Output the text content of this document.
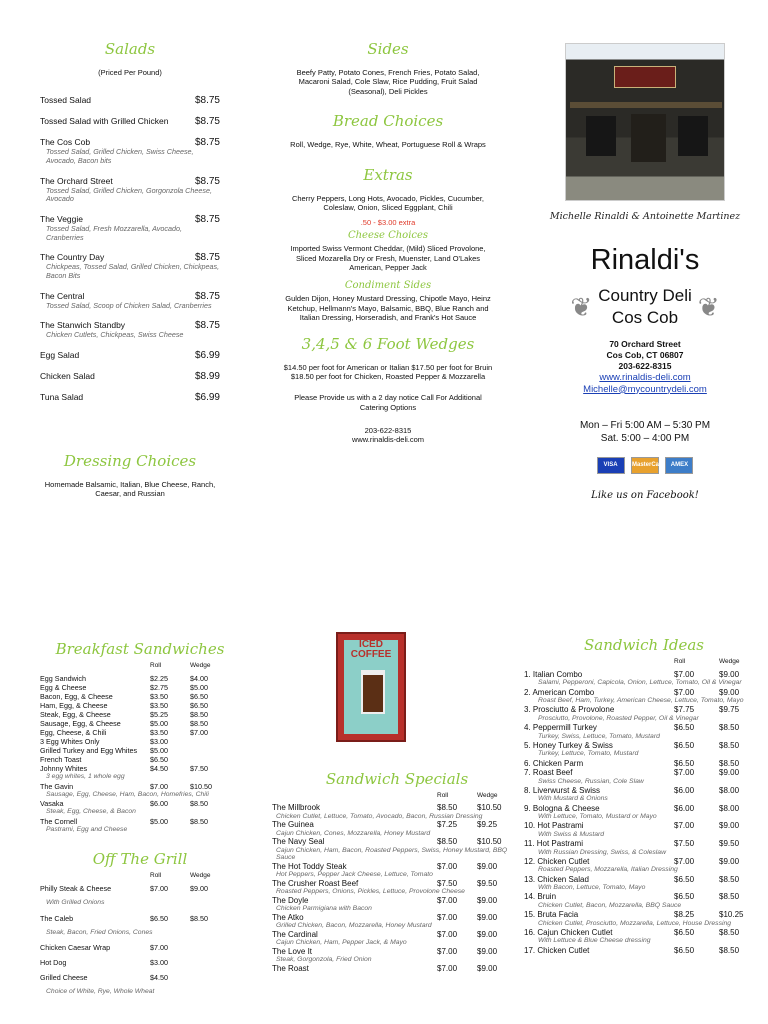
Salads
(Priced Per Pound)
Tossed Salad	$8.75
Tossed Salad with Grilled Chicken	$8.75
The Cos Cob	$8.75
Tossed Salad, Grilled Chicken, Swiss Cheese, Avocado, Bacon bits
The Orchard Street	$8.75
Tossed Salad, Grilled Chicken, Gorgonzola Cheese, Avocado
The Veggie	$8.75
Tossed Salad, Fresh Mozzarella, Avocado, Cranberries
The Country Day	$8.75
Chickpeas, Tossed Salad, Grilled Chicken, Chickpeas, Bacon Bits
The Central	$8.75
Tossed Salad, Scoop of Chicken Salad, Cranberries
The Stanwich Standby	$8.75
Chicken Cutlets, Chickpeas, Swiss Cheese
Egg Salad	$6.99
Chicken Salad	$8.99
Tuna Salad	$6.99
Dressing Choices
Homemade Balsamic, Italian, Blue Cheese, Ranch, Caesar, and Russian
Sides
Beefy Patty, Potato Cones, French Fries, Potato Salad, Macaroni Salad, Cole Slaw, Rice Pudding, Fruit Salad (Seasonal), Deli Pickles
Bread Choices
Roll, Wedge, Rye, White, Wheat, Portuguese Roll & Wraps
Extras
Cherry Peppers, Long Hots, Avocado, Pickles, Cucumber, Coleslaw, Onion, Sliced Eggplant, Chili
.50 - $3.00 extra
Cheese Choices
Imported Swiss Vermont Cheddar, (Mild) Sliced Provolone, Sliced Mozarella Dry or Fresh, Muenster, Land O'Lakes American, Pepper Jack
Condiment Sides
Gulden Dijon, Honey Mustard Dressing, Chipotle Mayo, Heinz Ketchup, Hellmann's Mayo, Balsamic, BBQ, Blue Ranch and Italian Dressing, Horseradish, and Frank's Hot Sauce
3,4,5 & 6 Foot Wedges
$14.50 per foot for American or Italian $17.50 per foot for Bruin $18.50 per foot for Chicken, Roasted Pepper & Mozzarella
Please Provide us with a 2 day notice Call For Additional Catering Options
203-622-8315
www.rinaldis-deli.com
Michelle Rinaldi & Antoinette Martinez
Rinaldi's
❦ Country Deli
Cos Cob ❦
70 Orchard Street
Cos Cob, CT 06807
203-622-8315
www.rinaldis-deli.com
Michelle@mycountrydeli.com
Mon – Fri 5:00 AM – 5:30 PM
Sat. 5:00 – 4:00 PM
VISA MasterCard AMEX
Like us on Facebook!
Breakfast Sandwiches
Roll	Wedge
Egg Sandwich	$2.25	$4.00
Egg & Cheese	$2.75	$5.00
Bacon, Egg, & Cheese	$3.50	$6.50
Ham, Egg, & Cheese	$3.50	$6.50
Steak, Egg, & Cheese	$5.25	$8.50
Sausage, Egg, & Cheese	$5.00	$8.50
Egg, Cheese, & Chili	$3.50	$7.00
3 Egg Whites Only	$3.00
Grilled Turkey and Egg Whites	$5.00
French Toast	$6.50
Johnny Whites	$4.50	$7.50
3 egg whites, 1 whole egg
The Gavin	$7.00	$10.50
Sausage, Egg, Cheese, Ham, Bacon, Homefries, Chili
Vasaka	$6.00	$8.50
Steak, Egg, Cheese, & Bacon
The Cornell	$5.00	$8.50
Pastrami, Egg and Cheese
Off The Grill
Roll	Wedge
Philly Steak & Cheese	$7.00	$9.00
With Grilled Onions
The Caleb	$6.50	$8.50
Steak, Bacon, Fried Onions, Cones
Chicken Caesar Wrap	$7.00
Hot Dog	$3.00
Grilled Cheese	$4.50
Choice of White, Rye, Whole Wheat
ICED COFFEE
Sandwich Specials
Roll	Wedge
The Millbrook	$8.50	$10.50
Chicken Cutlet, Lettuce, Tomato, Avocado, Bacon, Russian Dressing
The Guinea	$7.25	$9.25
Cajun Chicken, Cones, Mozzarella, Honey Mustard
The Navy Seal	$8.50	$10.50
Cajun Chicken, Ham, Bacon, Roasted Peppers, Swiss, Honey Mustard, BBQ Sauce
The Hot Toddy Steak	$7.00	$9.00
Hot Peppers, Pepper Jack Cheese, Lettuce, Tomato
The Crusher Roast Beef	$7.50	$9.50
Roasted Peppers, Onions, Pickles, Lettuce, Provolone Cheese
The Doyle	$7.00	$9.00
Chicken Parmigiana with Bacon
The Atko	$7.00	$9.00
Grilled Chicken, Bacon, Mozzarella, Honey Mustard
The Cardinal	$7.00	$9.00
Cajun Chicken, Ham, Pepper Jack, & Mayo
The Love It	$7.00	$9.00
Steak, Gorgonzola, Fried Onion
The Roast	$7.00	$9.00
Sandwich Ideas
Roll	Wedge
1. Italian Combo	$7.00	$9.00
Salami, Pepperoni, Capicola, Onion, Lettuce, Tomato, Oil & Vinegar
2. American Combo	$7.00	$9.00
Roast Beef, Ham, Turkey, American Cheese, Lettuce, Tomato, Mayo
3. Prosciutto & Provolone	$7.75	$9.75
Prosciutto, Provolone, Roasted Pepper, Oil & Vinegar
4. Peppermill Turkey	$6.50	$8.50
Turkey, Swiss, Lettuce, Tomato, Mustard
5. Honey Turkey & Swiss	$6.50	$8.50
Turkey, Lettuce, Tomato, Mustard
6. Chicken Parm	$6.50	$8.50
7. Roast Beef	$7.00	$9.00
Swiss Cheese, Russian, Cole Slaw
8. Liverwurst & Swiss	$6.00	$8.00
With Mustard & Onions
9. Bologna & Cheese	$6.00	$8.00
With Lettuce, Tomato, Mustard or Mayo
10. Hot Pastrami	$7.00	$9.00
With Swiss & Mustard
11. Hot Pastrami	$7.50	$9.50
With Russian Dressing, Swiss, & Coleslaw
12. Chicken Cutlet	$7.00	$9.00
Roasted Peppers, Mozzarella, Italian Dressing
13. Chicken Salad	$6.50	$8.50
With Bacon, Lettuce, Tomato, Mayo
14. Bruin	$6.50	$8.50
Chicken Cutlet, Bacon, Mozzarella, BBQ Sauce
15. Bruta Facia	$8.25	$10.25
Chicken Cutlet, Prosciutto, Mozzarella, Lettuce, House Dressing
16. Cajun Chicken Cutlet	$6.50	$8.50
With Lettuce & Blue Cheese dressing
17. Chicken Cutlet	$6.50	$8.50
